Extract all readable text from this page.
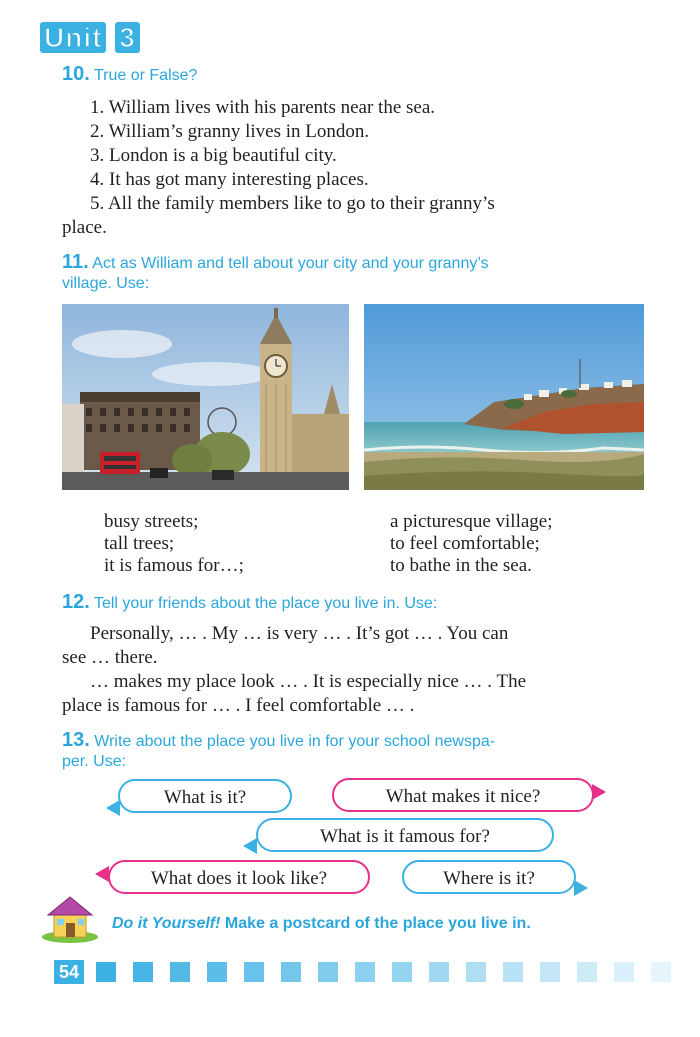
Unit 3
10. True or False?
1. William lives with his parents near the sea.
2. William’s granny lives in London.
3. London is a big beautiful city.
4. It has got many interesting places.
5. All the family members like to go to their granny’s
place.
11. Act as William and tell about your city and your granny’s
village. Use:
busy streets;
tall trees;
it is famous for…;
a picturesque village;
to feel comfortable;
to bathe in the sea.
12. Tell your friends about the place you live in. Use:
Personally, … . My … is very … . It’s got … . You can
see … there.
… makes my place look … . It is especially nice … . The
place is famous for … . I feel comfortable … .
13. Write about the place you live in for your school newspa-
per. Use:
What is it?	What makes it nice?
What is it famous for?
What does it look like?	Where is it?
Do it Yourself! Make a postcard of the place you live in.
54
